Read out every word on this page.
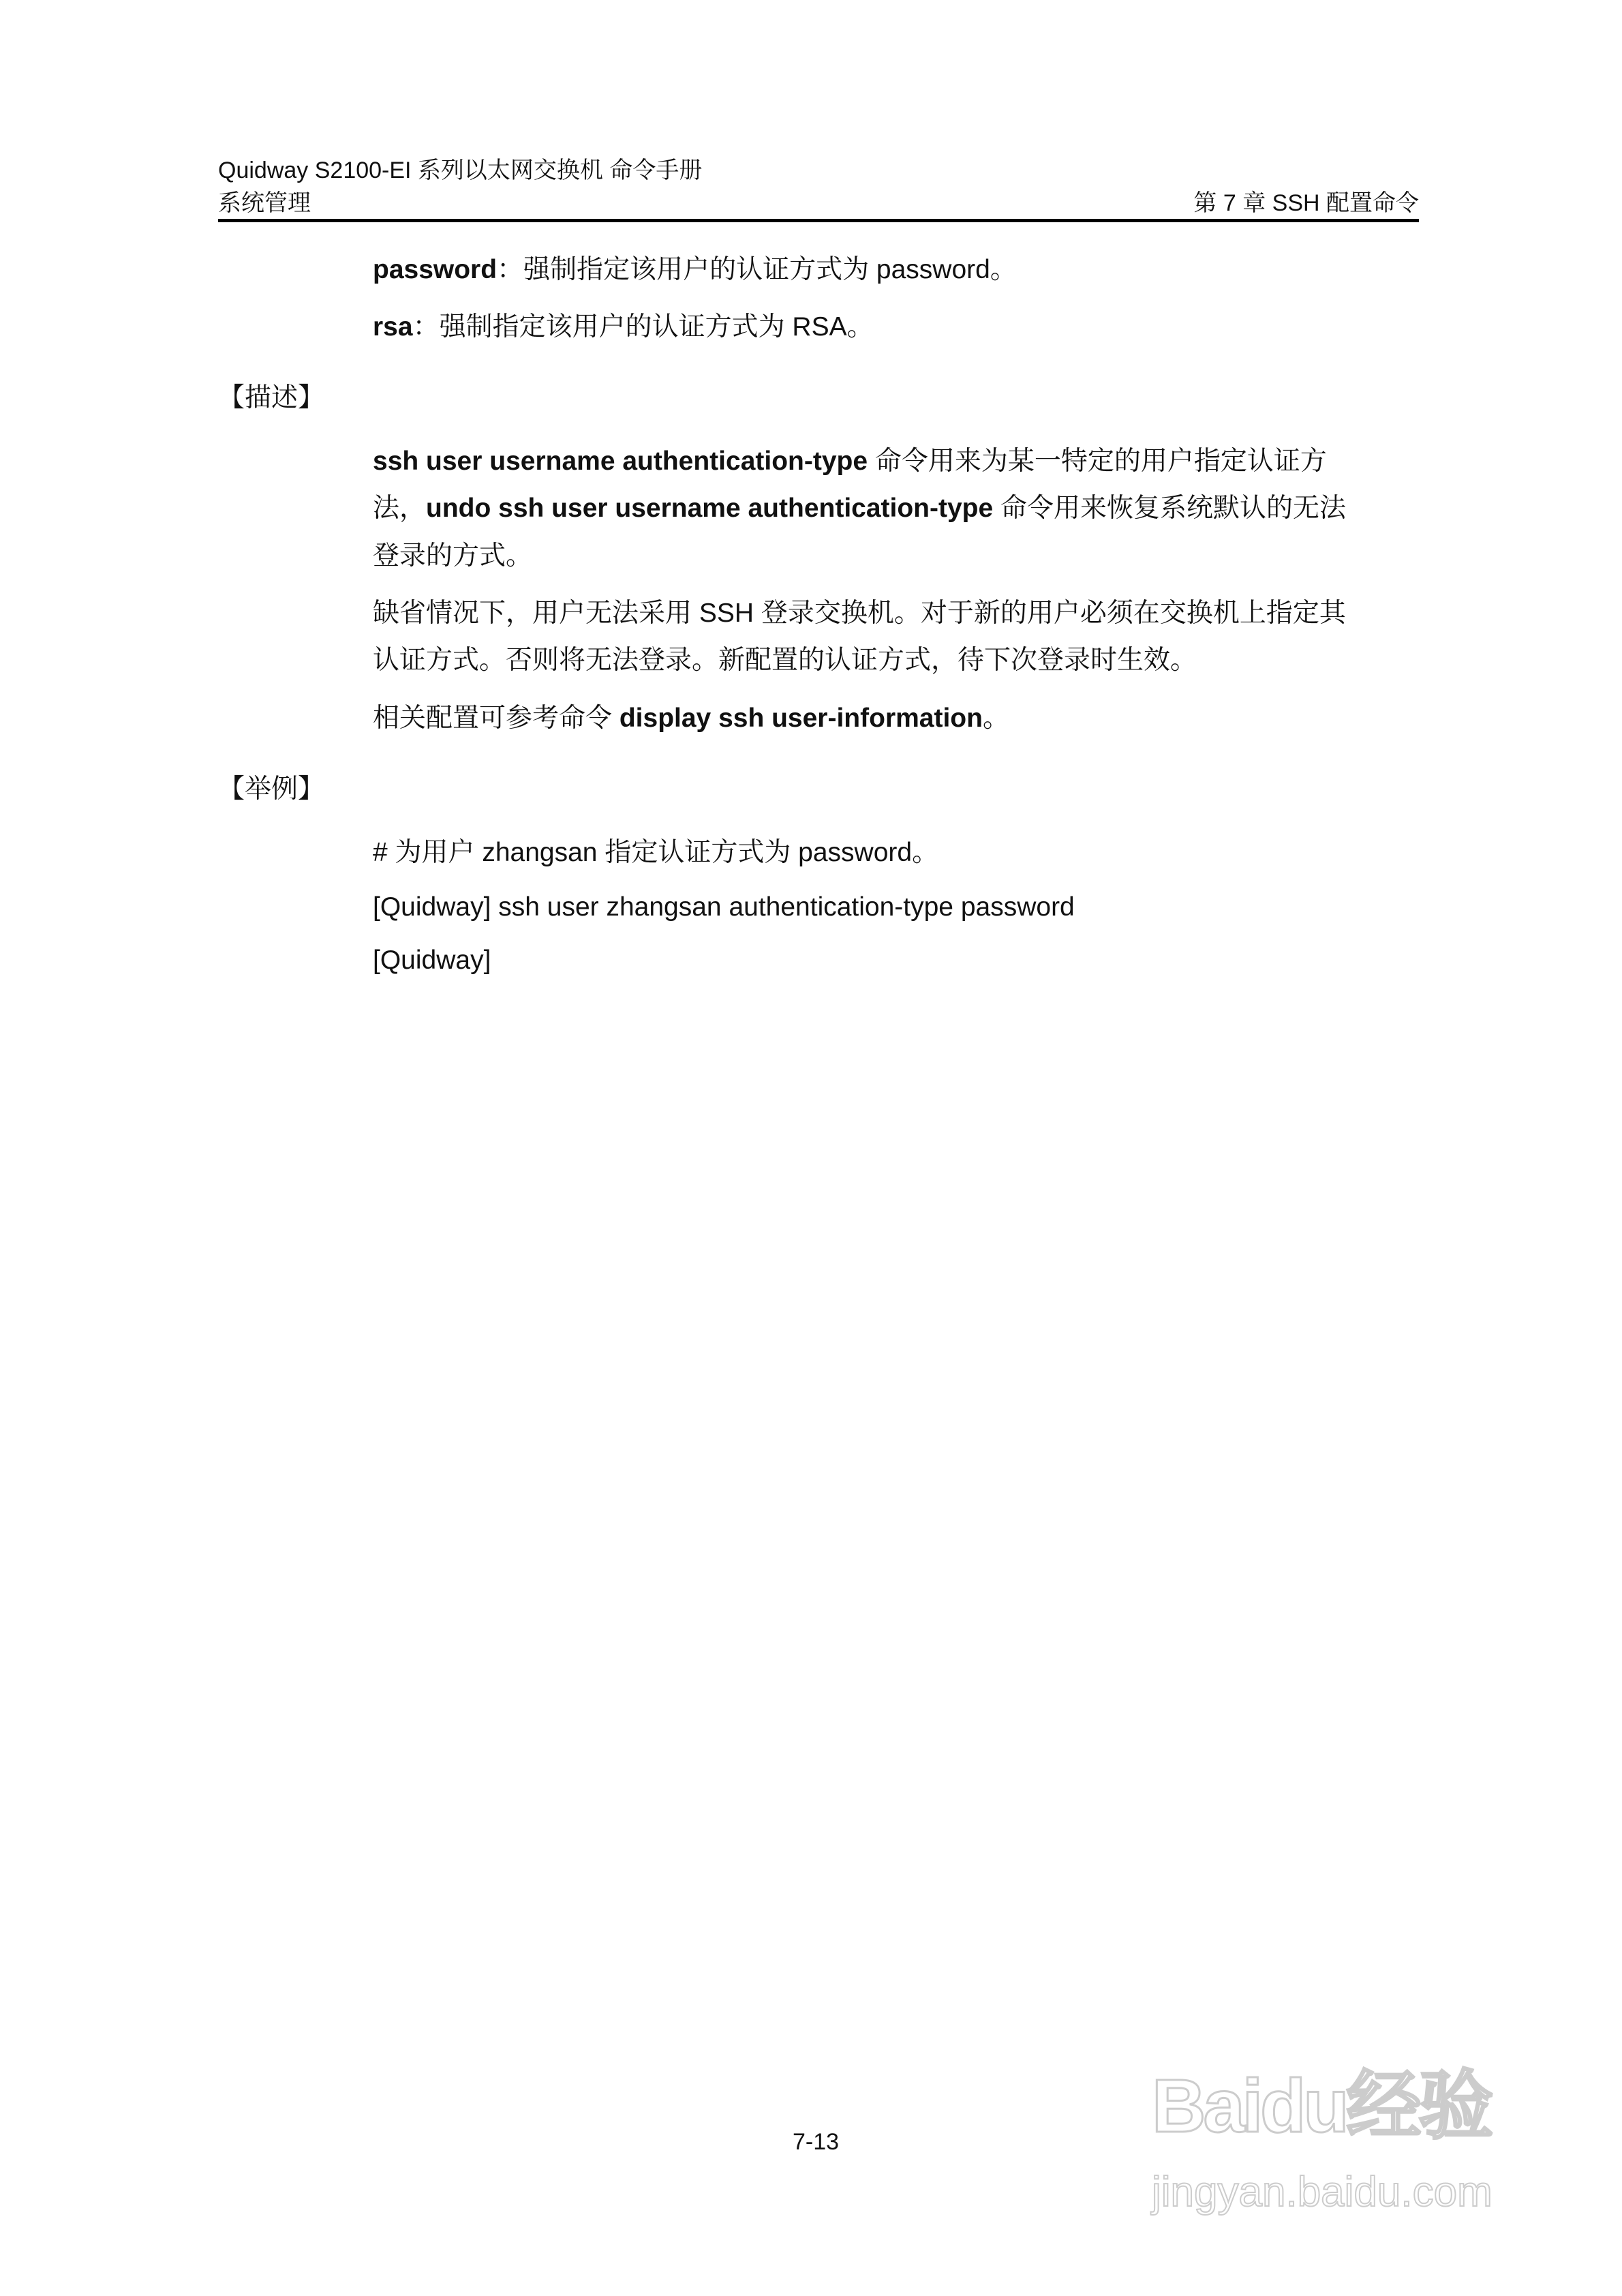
Quidway S2100-EI 系列以太网交换机 命令手册
系统管理	第 7 章 SSH 配置命令
password：强制指定该用户的认证方式为 password。
rsa：强制指定该用户的认证方式为 RSA。
【描述】
ssh user username authentication-type 命令用来为某一特定的用户指定认证方
法，undo ssh user username authentication-type 命令用来恢复系统默认的无法
登录的方式。
缺省情况下，用户无法采用 SSH 登录交换机。对于新的用户必须在交换机上指定其
认证方式。否则将无法登录。新配置的认证方式，待下次登录时生效。
相关配置可参考命令 display ssh user-information。
【举例】
# 为用户 zhangsan 指定认证方式为 password。
[Quidway] ssh user zhangsan authentication-type password
[Quidway]
7-13	Baidu经验
jingyan.baidu.com
